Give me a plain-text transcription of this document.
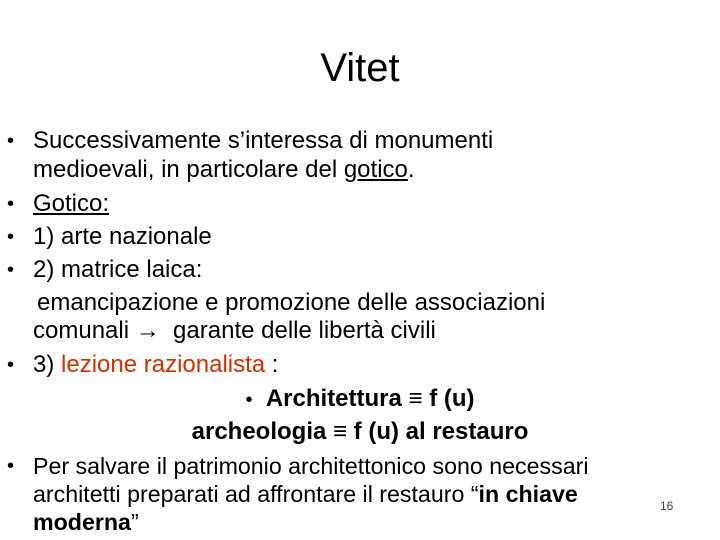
Vitet
• Successivamente s’interessa di monumenti
medioevali, in particolare del gotico.
• Gotico:
• 1) arte nazionale
• 2) matrice laica:
emancipazione e promozione delle associazioni
comunali →  garante delle libertà civili
• 3) lezione razionalista :
• Architettura ≡ f (u)
archeologia ≡ f (u) al restauro
• Per salvare il patrimonio architettonico sono necessari
architetti preparati ad affrontare il restauro “in chiave
moderna”
16
